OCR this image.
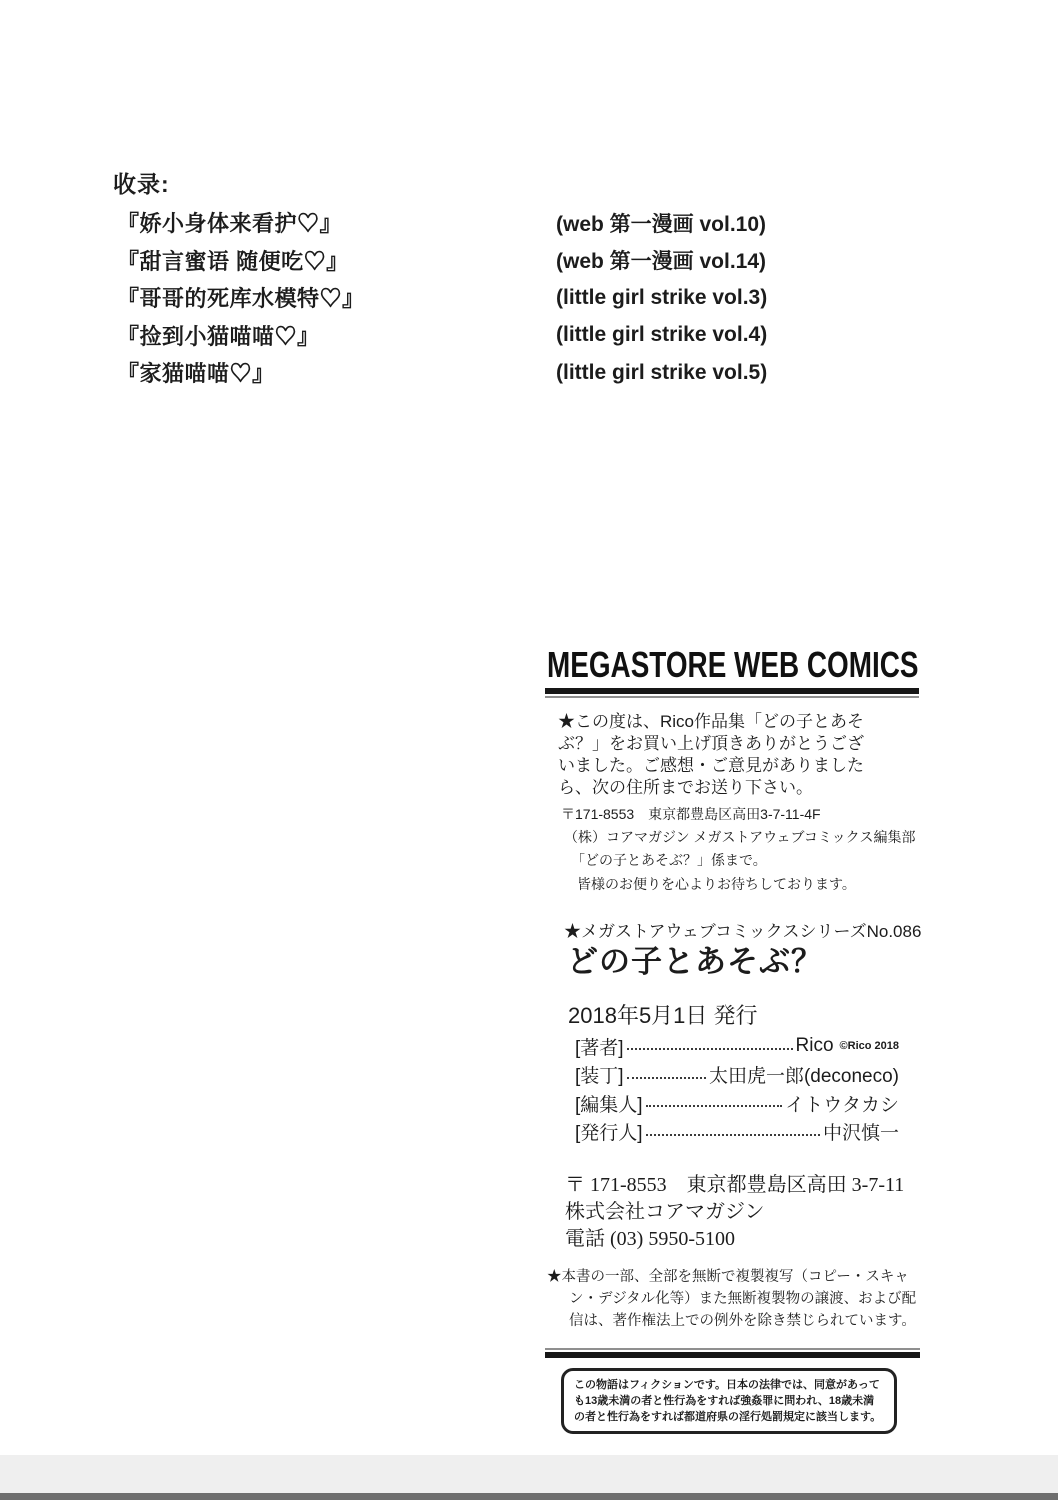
收录:
『娇小身体来看护♡』	(web 第一漫画 vol.10)
『甜言蜜语 随便吃♡』	(web 第一漫画 vol.14)
『哥哥的死库水模特♡』	(little girl strike vol.3)
『捡到小猫喵喵♡』	(little girl strike vol.4)
『家猫喵喵♡』	(little girl strike vol.5)
MEGASTORE WEB COMICS
★この度は、Rico作品集「どの子とあそぶ？」をお買い上げ頂きありがとうございました。ご感想・ご意見がありましたら、次の住所までお送り下さい。
〒171-8553　東京都豊島区高田3-7-11-4F
（株）コアマガジン メガストアウェブコミックス編集部
「どの子とあそぶ？」係まで。
皆様のお便りを心よりお待ちしております。
★メガストアウェブコミックスシリーズNo.086
どの子とあそぶ？
2018年5月1日 発行
[著者]	Rico ©Rico 2018
[装丁]	太田虎一郎(deconeco)
[編集人]	イトウタカシ
[発行人]	中沢慎一
〒 171-8553　東京都豊島区高田 3-7-11
株式会社コアマガジン
電話 (03) 5950-5100
★本書の一部、全部を無断で複製複写（コピー・スキャン・デジタル化等）また無断複製物の譲渡、および配信は、著作権法上での例外を除き禁じられています。
この物語はフィクションです。日本の法律では、同意があっても13歳未満の者と性行為をすれば強姦罪に問われ、18歳未満の者と性行為をすれば都道府県の淫行処罰規定に該当します。
